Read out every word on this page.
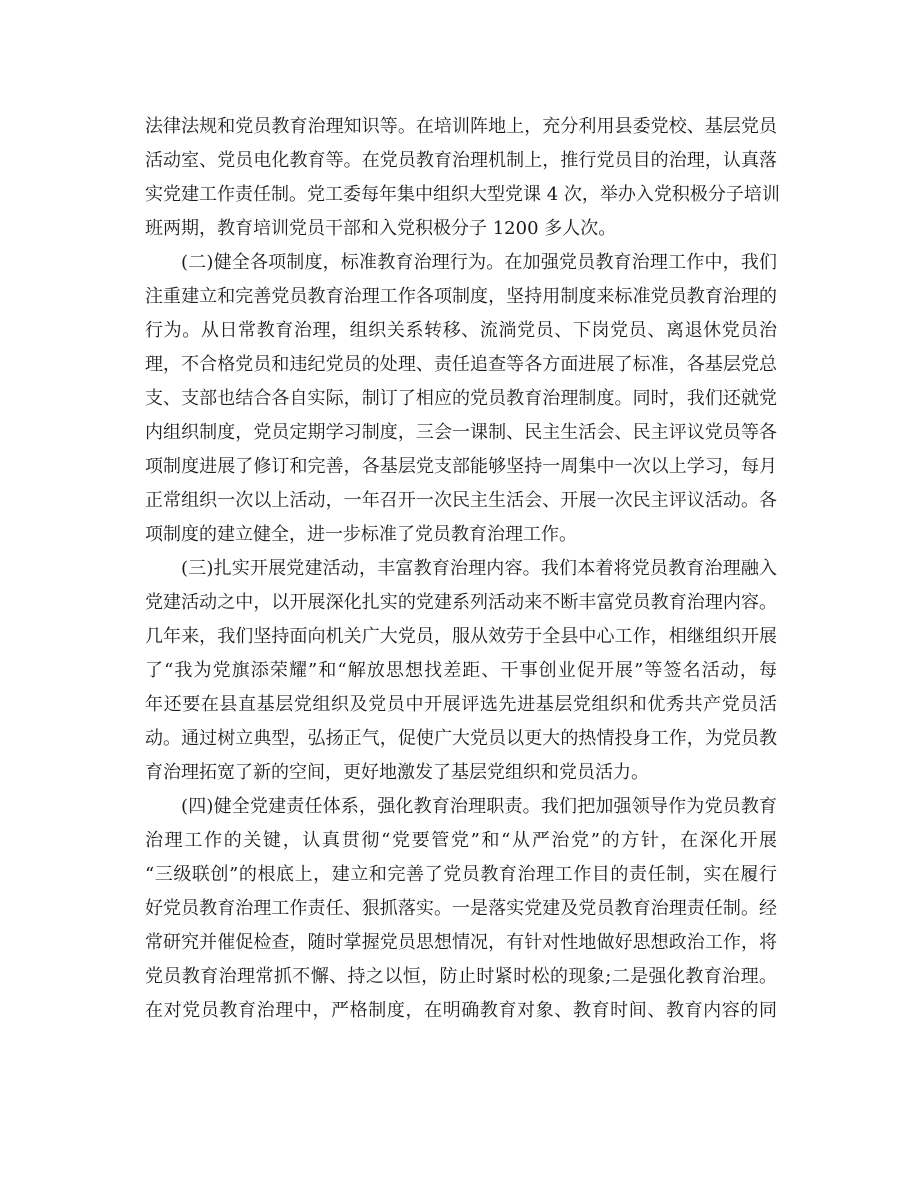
法律法规和党员教育治理知识等。在培训阵地上，充分利用县委党校、基层党员
活动室、党员电化教育等。在党员教育治理机制上，推行党员目的治理，认真落
实党建工作责任制。党工委每年集中组织大型党课 4 次，举办入党积极分子培训
班两期，教育培训党员干部和入党积极分子 1200 多人次。
(二)健全各项制度，标准教育治理行为。在加强党员教育治理工作中，我们
注重建立和完善党员教育治理工作各项制度，坚持用制度来标准党员教育治理的
行为。从日常教育治理，组织关系转移、流淌党员、下岗党员、离退休党员治
理，不合格党员和违纪党员的处理、责任追查等各方面进展了标准，各基层党总
支、支部也结合各自实际，制订了相应的党员教育治理制度。同时，我们还就党
内组织制度，党员定期学习制度，三会一课制、民主生活会、民主评议党员等各
项制度进展了修订和完善，各基层党支部能够坚持一周集中一次以上学习，每月
正常组织一次以上活动，一年召开一次民主生活会、开展一次民主评议活动。各
项制度的建立健全，进一步标准了党员教育治理工作。
(三)扎实开展党建活动，丰富教育治理内容。我们本着将党员教育治理融入
党建活动之中，以开展深化扎实的党建系列活动来不断丰富党员教育治理内容。
几年来，我们坚持面向机关广大党员，服从效劳于全县中心工作，相继组织开展
了“我为党旗添荣耀”和“解放思想找差距、干事创业促开展”等签名活动，每
年还要在县直基层党组织及党员中开展评选先进基层党组织和优秀共产党员活
动。通过树立典型，弘扬正气，促使广大党员以更大的热情投身工作，为党员教
育治理拓宽了新的空间，更好地激发了基层党组织和党员活力。
(四)健全党建责任体系，强化教育治理职责。我们把加强领导作为党员教育
治理工作的关键，认真贯彻“党要管党”和“从严治党”的方针，在深化开展
“三级联创”的根底上，建立和完善了党员教育治理工作目的责任制，实在履行
好党员教育治理工作责任、狠抓落实。一是落实党建及党员教育治理责任制。经
常研究并催促检查，随时掌握党员思想情况，有针对性地做好思想政治工作，将
党员教育治理常抓不懈、持之以恒，防止时紧时松的现象;二是强化教育治理。
在对党员教育治理中，严格制度，在明确教育对象、教育时间、教育内容的同
